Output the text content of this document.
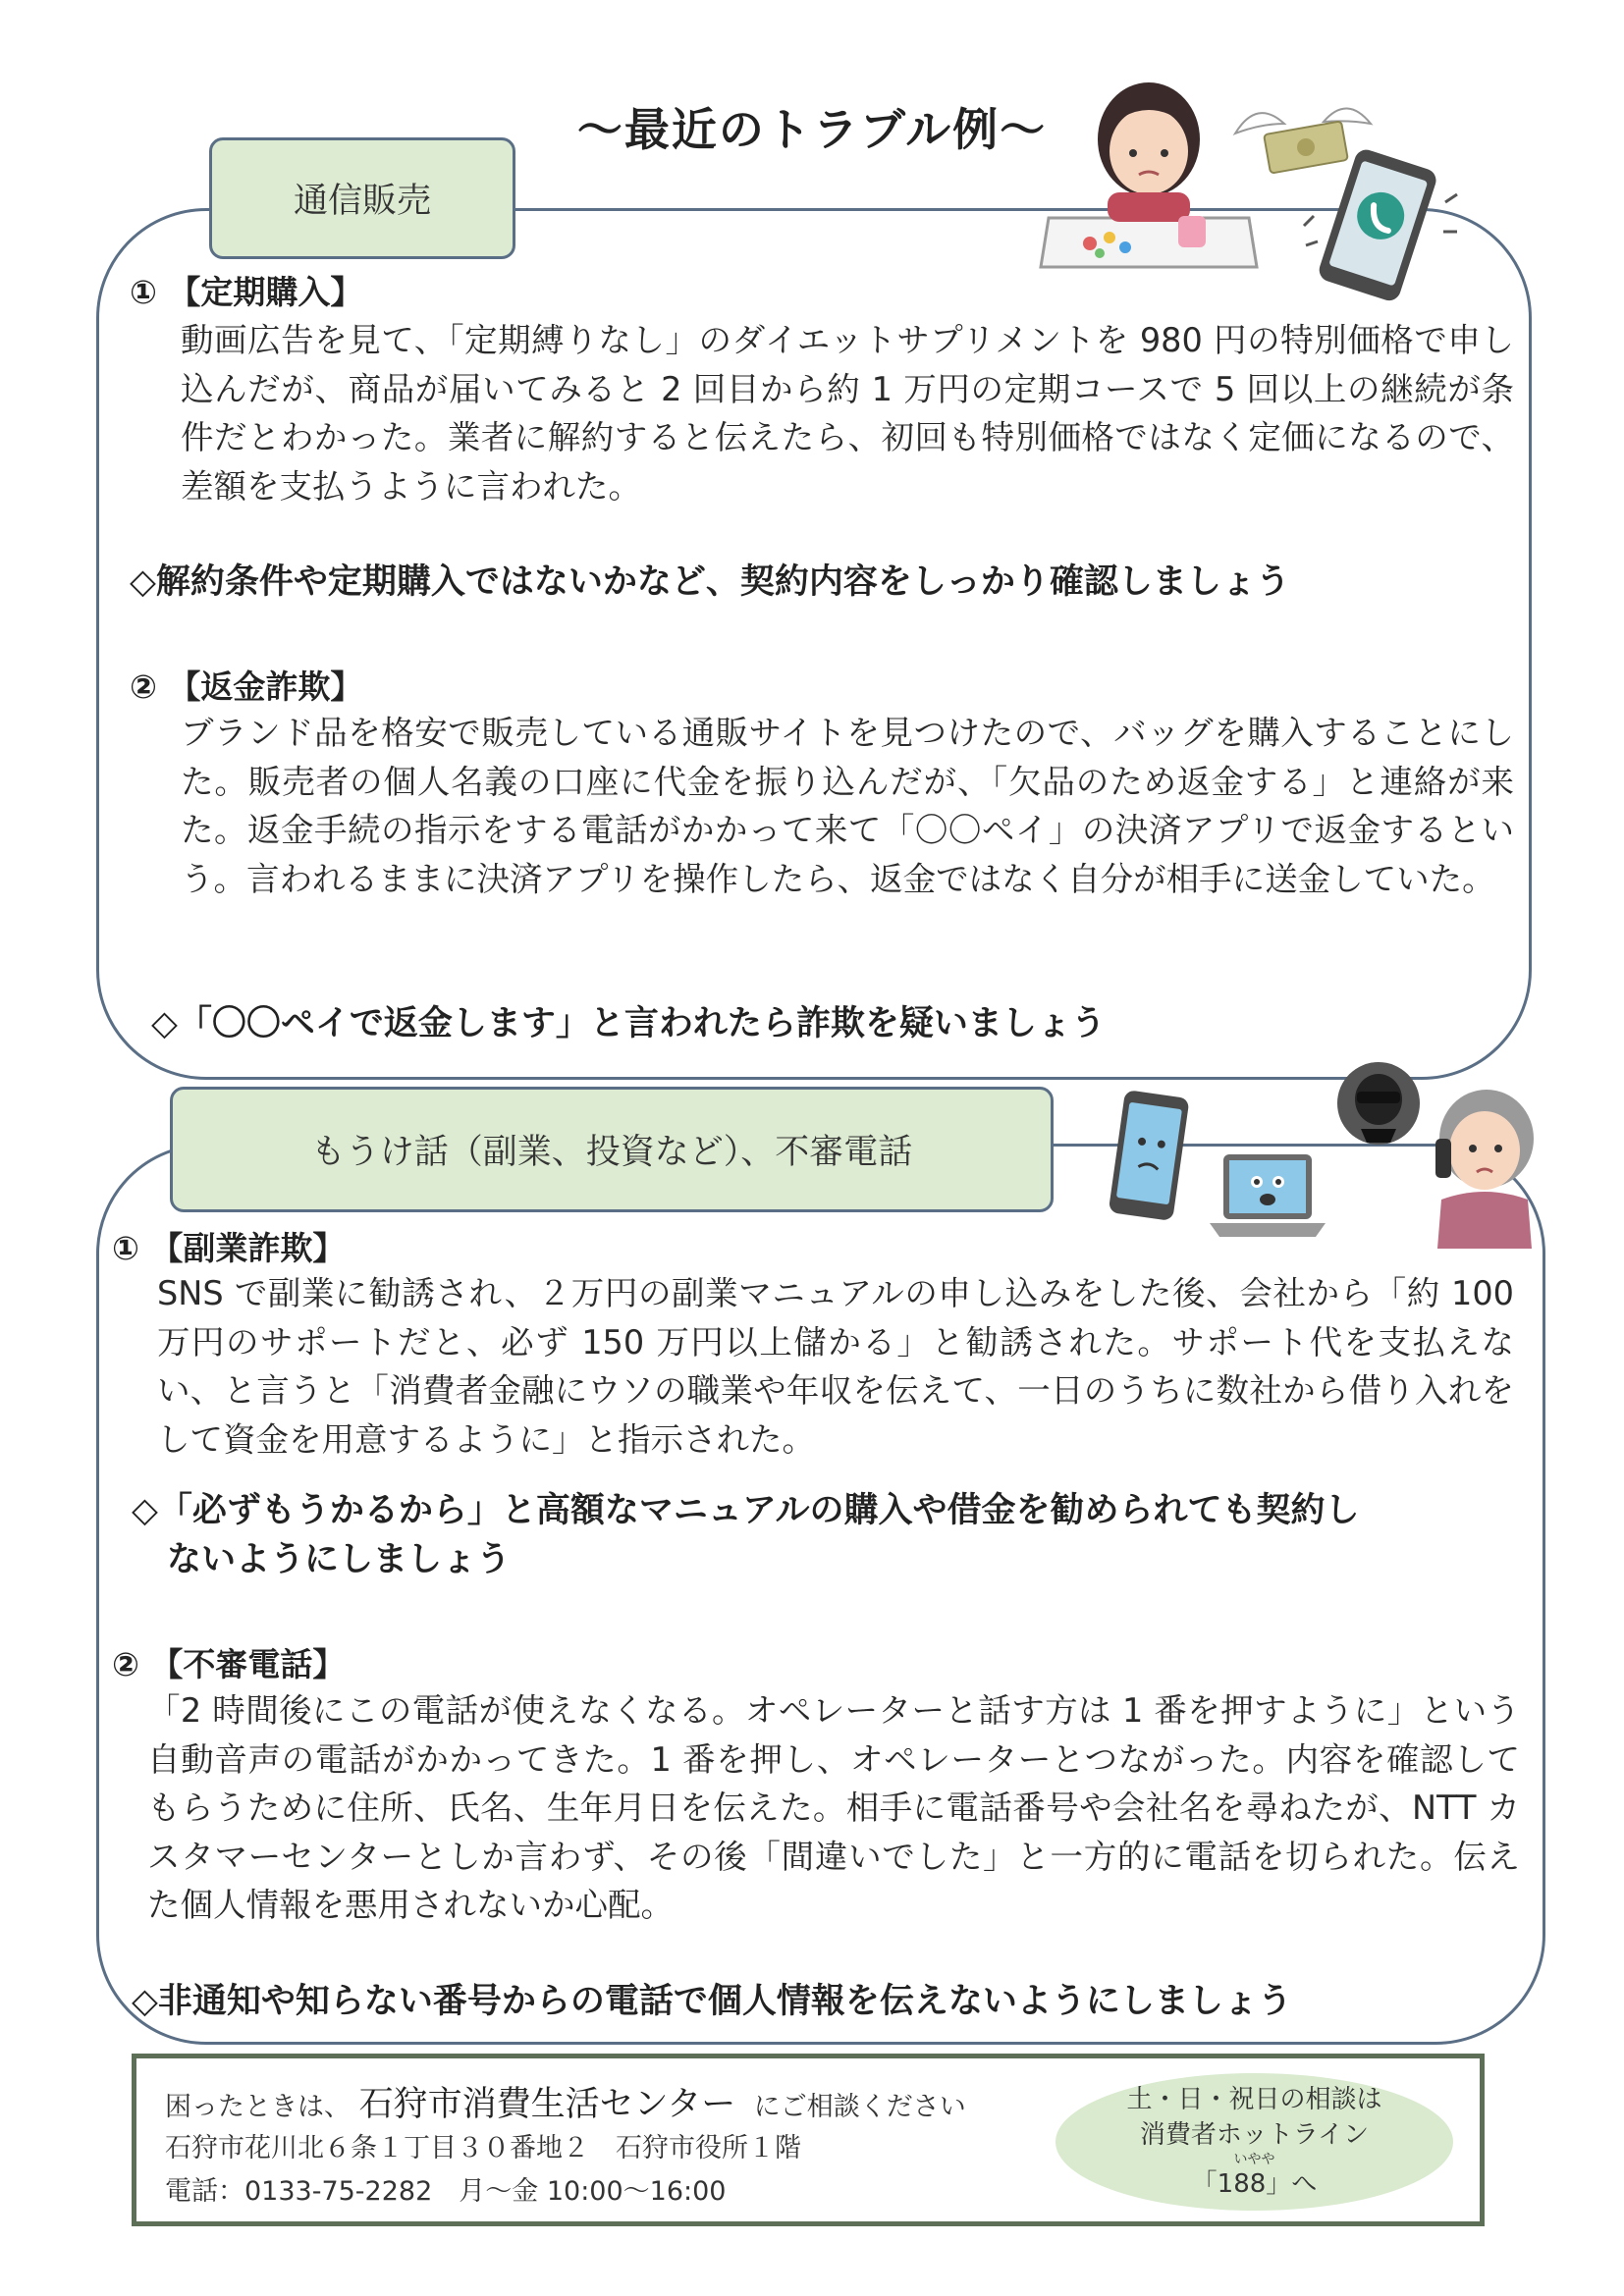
～最近のトラブル例～
通信販売
① 【定期購入】
動画広告を見て、「定期縛りなし」のダイエットサプリメントを 980 円の特別価格で申し込んだが、商品が届いてみると 2 回目から約 1 万円の定期コースで 5 回以上の継続が条件だとわかった。業者に解約すると伝えたら、初回も特別価格ではなく定価になるので、差額を支払うように言われた。
◇解約条件や定期購入ではないかなど、契約内容をしっかり確認しましょう
② 【返金詐欺】
ブランド品を格安で販売している通販サイトを見つけたので、バッグを購入することにした。販売者の個人名義の口座に代金を振り込んだが、「欠品のため返金する」と連絡が来た。返金手続の指示をする電話がかかって来て「〇〇ペイ」の決済アプリで返金するという。言われるままに決済アプリを操作したら、返金ではなく自分が相手に送金していた。
◇「〇〇ペイで返金します」と言われたら詐欺を疑いましょう
もうけ話（副業、投資など）、不審電話
① 【副業詐欺】
SNS で副業に勧誘され、２万円の副業マニュアルの申し込みをした後、会社から「約 100 万円のサポートだと、必ず 150 万円以上儲かる」と勧誘された。サポート代を支払えない、と言うと「消費者金融にウソの職業や年収を伝えて、一日のうちに数社から借り入れをして資金を用意するように」と指示された。
◇「必ずもうかるから」と高額なマニュアルの購入や借金を勧められても契約し
ないようにしましょう
② 【不審電話】
「2 時間後にこの電話が使えなくなる。オペレーターと話す方は 1 番を押すように」という自動音声の電話がかかってきた。1 番を押し、オペレーターとつながった。内容を確認してもらうために住所、氏名、生年月日を伝えた。相手に電話番号や会社名を尋ねたが、NTT カスタマーセンターとしか言わず、その後「間違いでした」と一方的に電話を切られた。伝えた個人情報を悪用されないか心配。
◇非通知や知らない番号からの電話で個人情報を伝えないようにしましょう
困ったときは、 石狩市消費生活センター にご相談ください
石狩市花川北６条１丁目３０番地２　石狩市役所１階
電話：0133-75-2282　月～金 10:00～16:00
土・日・祝日の相談は
消費者ホットライン
いやや
「188」へ
